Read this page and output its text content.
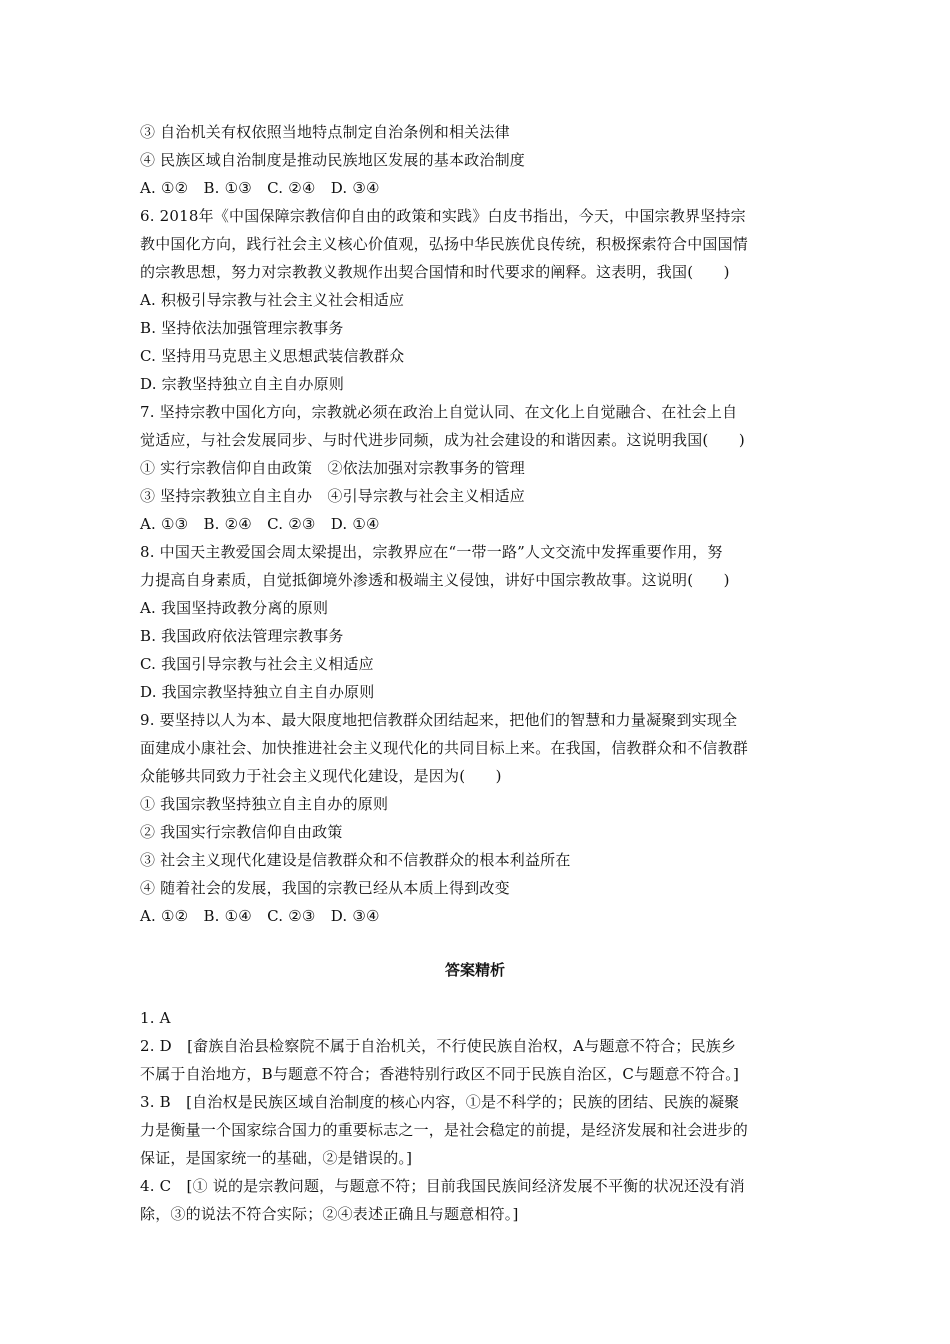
③ 自治机关有权依照当地特点制定自治条例和相关法律
④ 民族区域自治制度是推动民族地区发展的基本政治制度
A. ①②　B. ①③　C. ②④　D. ③④
6. 2018年《中国保障宗教信仰自由的政策和实践》白皮书指出，今天，中国宗教界坚持宗
教中国化方向，践行社会主义核心价值观，弘扬中华民族优良传统，积极探索符合中国国情
的宗教思想，努力对宗教教义教规作出契合国情和时代要求的阐释。这表明，我国(　　)
A. 积极引导宗教与社会主义社会相适应
B. 坚持依法加强管理宗教事务
C. 坚持用马克思主义思想武装信教群众
D. 宗教坚持独立自主自办原则
7. 坚持宗教中国化方向，宗教就必须在政治上自觉认同、在文化上自觉融合、在社会上自
觉适应，与社会发展同步、与时代进步同频，成为社会建设的和谐因素。这说明我国(　　)
① 实行宗教信仰自由政策　②依法加强对宗教事务的管理
③ 坚持宗教独立自主自办　④引导宗教与社会主义相适应
A. ①③　B. ②④　C. ②③　D. ①④
8. 中国天主教爱国会周太梁提出，宗教界应在“一带一路”人文交流中发挥重要作用，努
力提高自身素质，自觉抵御境外渗透和极端主义侵蚀，讲好中国宗教故事。这说明(　　)
A. 我国坚持政教分离的原则
B. 我国政府依法管理宗教事务
C. 我国引导宗教与社会主义相适应
D. 我国宗教坚持独立自主自办原则
9. 要坚持以人为本、最大限度地把信教群众团结起来，把他们的智慧和力量凝聚到实现全
面建成小康社会、加快推进社会主义现代化的共同目标上来。在我国，信教群众和不信教群
众能够共同致力于社会主义现代化建设，是因为(　　)
① 我国宗教坚持独立自主自办的原则
② 我国实行宗教信仰自由政策
③ 社会主义现代化建设是信教群众和不信教群众的根本利益所在
④ 随着社会的发展，我国的宗教已经从本质上得到改变
A. ①②　B. ①④　C. ②③　D. ③④
答案精析
1. A
2. D　[畲族自治县检察院不属于自治机关，不行使民族自治权，A与题意不符合；民族乡
不属于自治地方，B与题意不符合；香港特别行政区不同于民族自治区，C与题意不符合。]
3. B　[自治权是民族区域自治制度的核心内容，①是不科学的；民族的团结、民族的凝聚
力是衡量一个国家综合国力的重要标志之一，是社会稳定的前提，是经济发展和社会进步的
保证，是国家统一的基础，②是错误的。]
4. C　[① 说的是宗教问题，与题意不符；目前我国民族间经济发展不平衡的状况还没有消
除，③的说法不符合实际；②④表述正确且与题意相符。]
